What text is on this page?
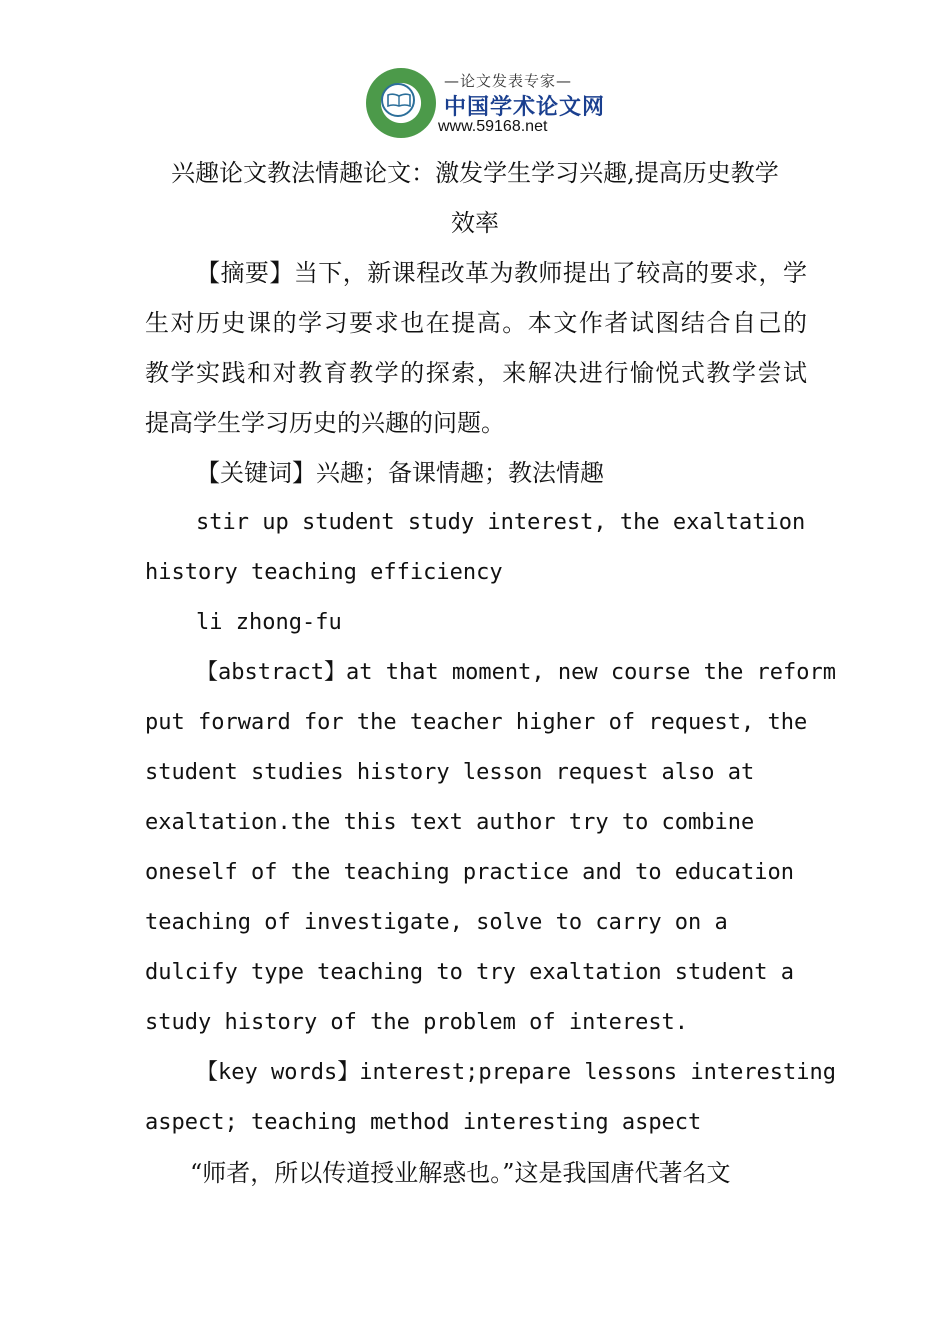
—论文发表专家—
中国学术论文网
www.59168.net
兴趣论文教法情趣论文：激发学生学习兴趣,提高历史教学
效率
【摘要】当下，新课程改革为教师提出了较高的要求，学
生对历史课的学习要求也在提高。本文作者试图结合自己的
教学实践和对教育教学的探索，来解决进行愉悦式教学尝试
提高学生学习历史的兴趣的问题。
【关键词】兴趣；备课情趣；教法情趣
stir up student study interest, the exaltation
history teaching efficiency
li zhong-fu
【abstract】at that moment, new course the reform
put forward for the teacher higher of request, the
student studies history lesson request also at
exaltation.the this text author try to combine
oneself of the teaching practice and to education
teaching of investigate, solve to carry on a
dulcify type teaching to try exaltation student a
study history of the problem of interest.
【key words】interest;prepare lessons interesting
aspect; teaching method interesting aspect
“师者，所以传道授业解惑也。”这是我国唐代著名文
